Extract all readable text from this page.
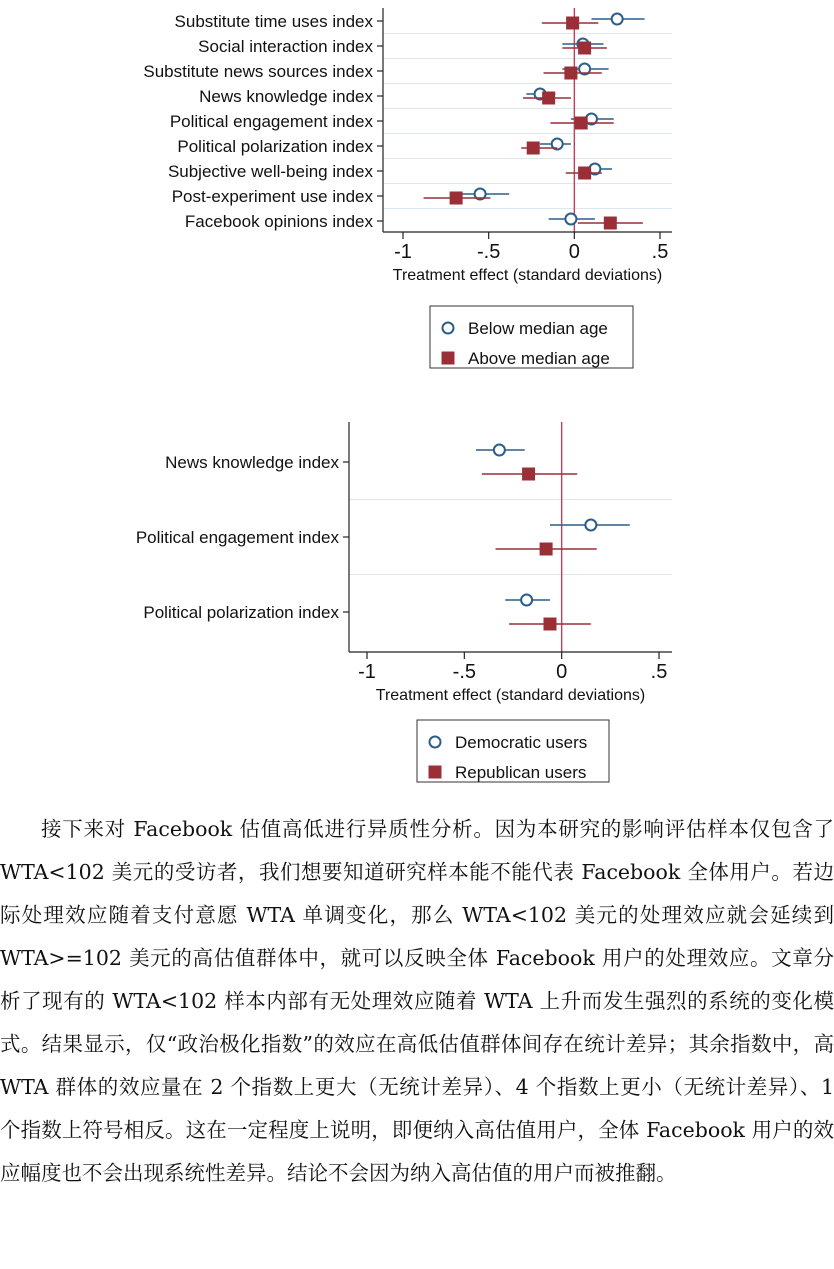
Substitute time uses index
Social interaction index
Substitute news sources index
News knowledge index
Political engagement index
Political polarization index
Subjective well-being index
Post-experiment use index
Facebook opinions index
-1	-.5	0	.5
Treatment effect (standard deviations)
Below median age
Above median age
News knowledge index
Political engagement index
Political polarization index
-1	-.5	0	.5
Treatment effect (standard deviations)
Democratic users
Republican users

接下来对 Facebook 估值高低进行异质性分析。因为本研究的影响评估样本仅包含了 WTA<102 美元的受访者，我们想要知道研究样本能不能代表 Facebook 全体用户。若边际处理效应随着支付意愿 WTA 单调变化，那么 WTA<102 美元的处理效应就会延续到 WTA>=102 美元的高估值群体中，就可以反映全体 Facebook 用户的处理效应。文章分析了现有的 WTA<102 样本内部有无处理效应随着 WTA 上升而发生强烈的系统的变化模式。结果显示，仅“政治极化指数”的效应在高低估值群体间存在统计差异；其余指数中，高 WTA 群体的效应量在 2 个指数上更大（无统计差异）、4 个指数上更小（无统计差异）、1 个指数上符号相反。这在一定程度上说明，即便纳入高估值用户，全体 Facebook 用户的效应幅度也不会出现系统性差异。结论不会因为纳入高估值的用户而被推翻。
